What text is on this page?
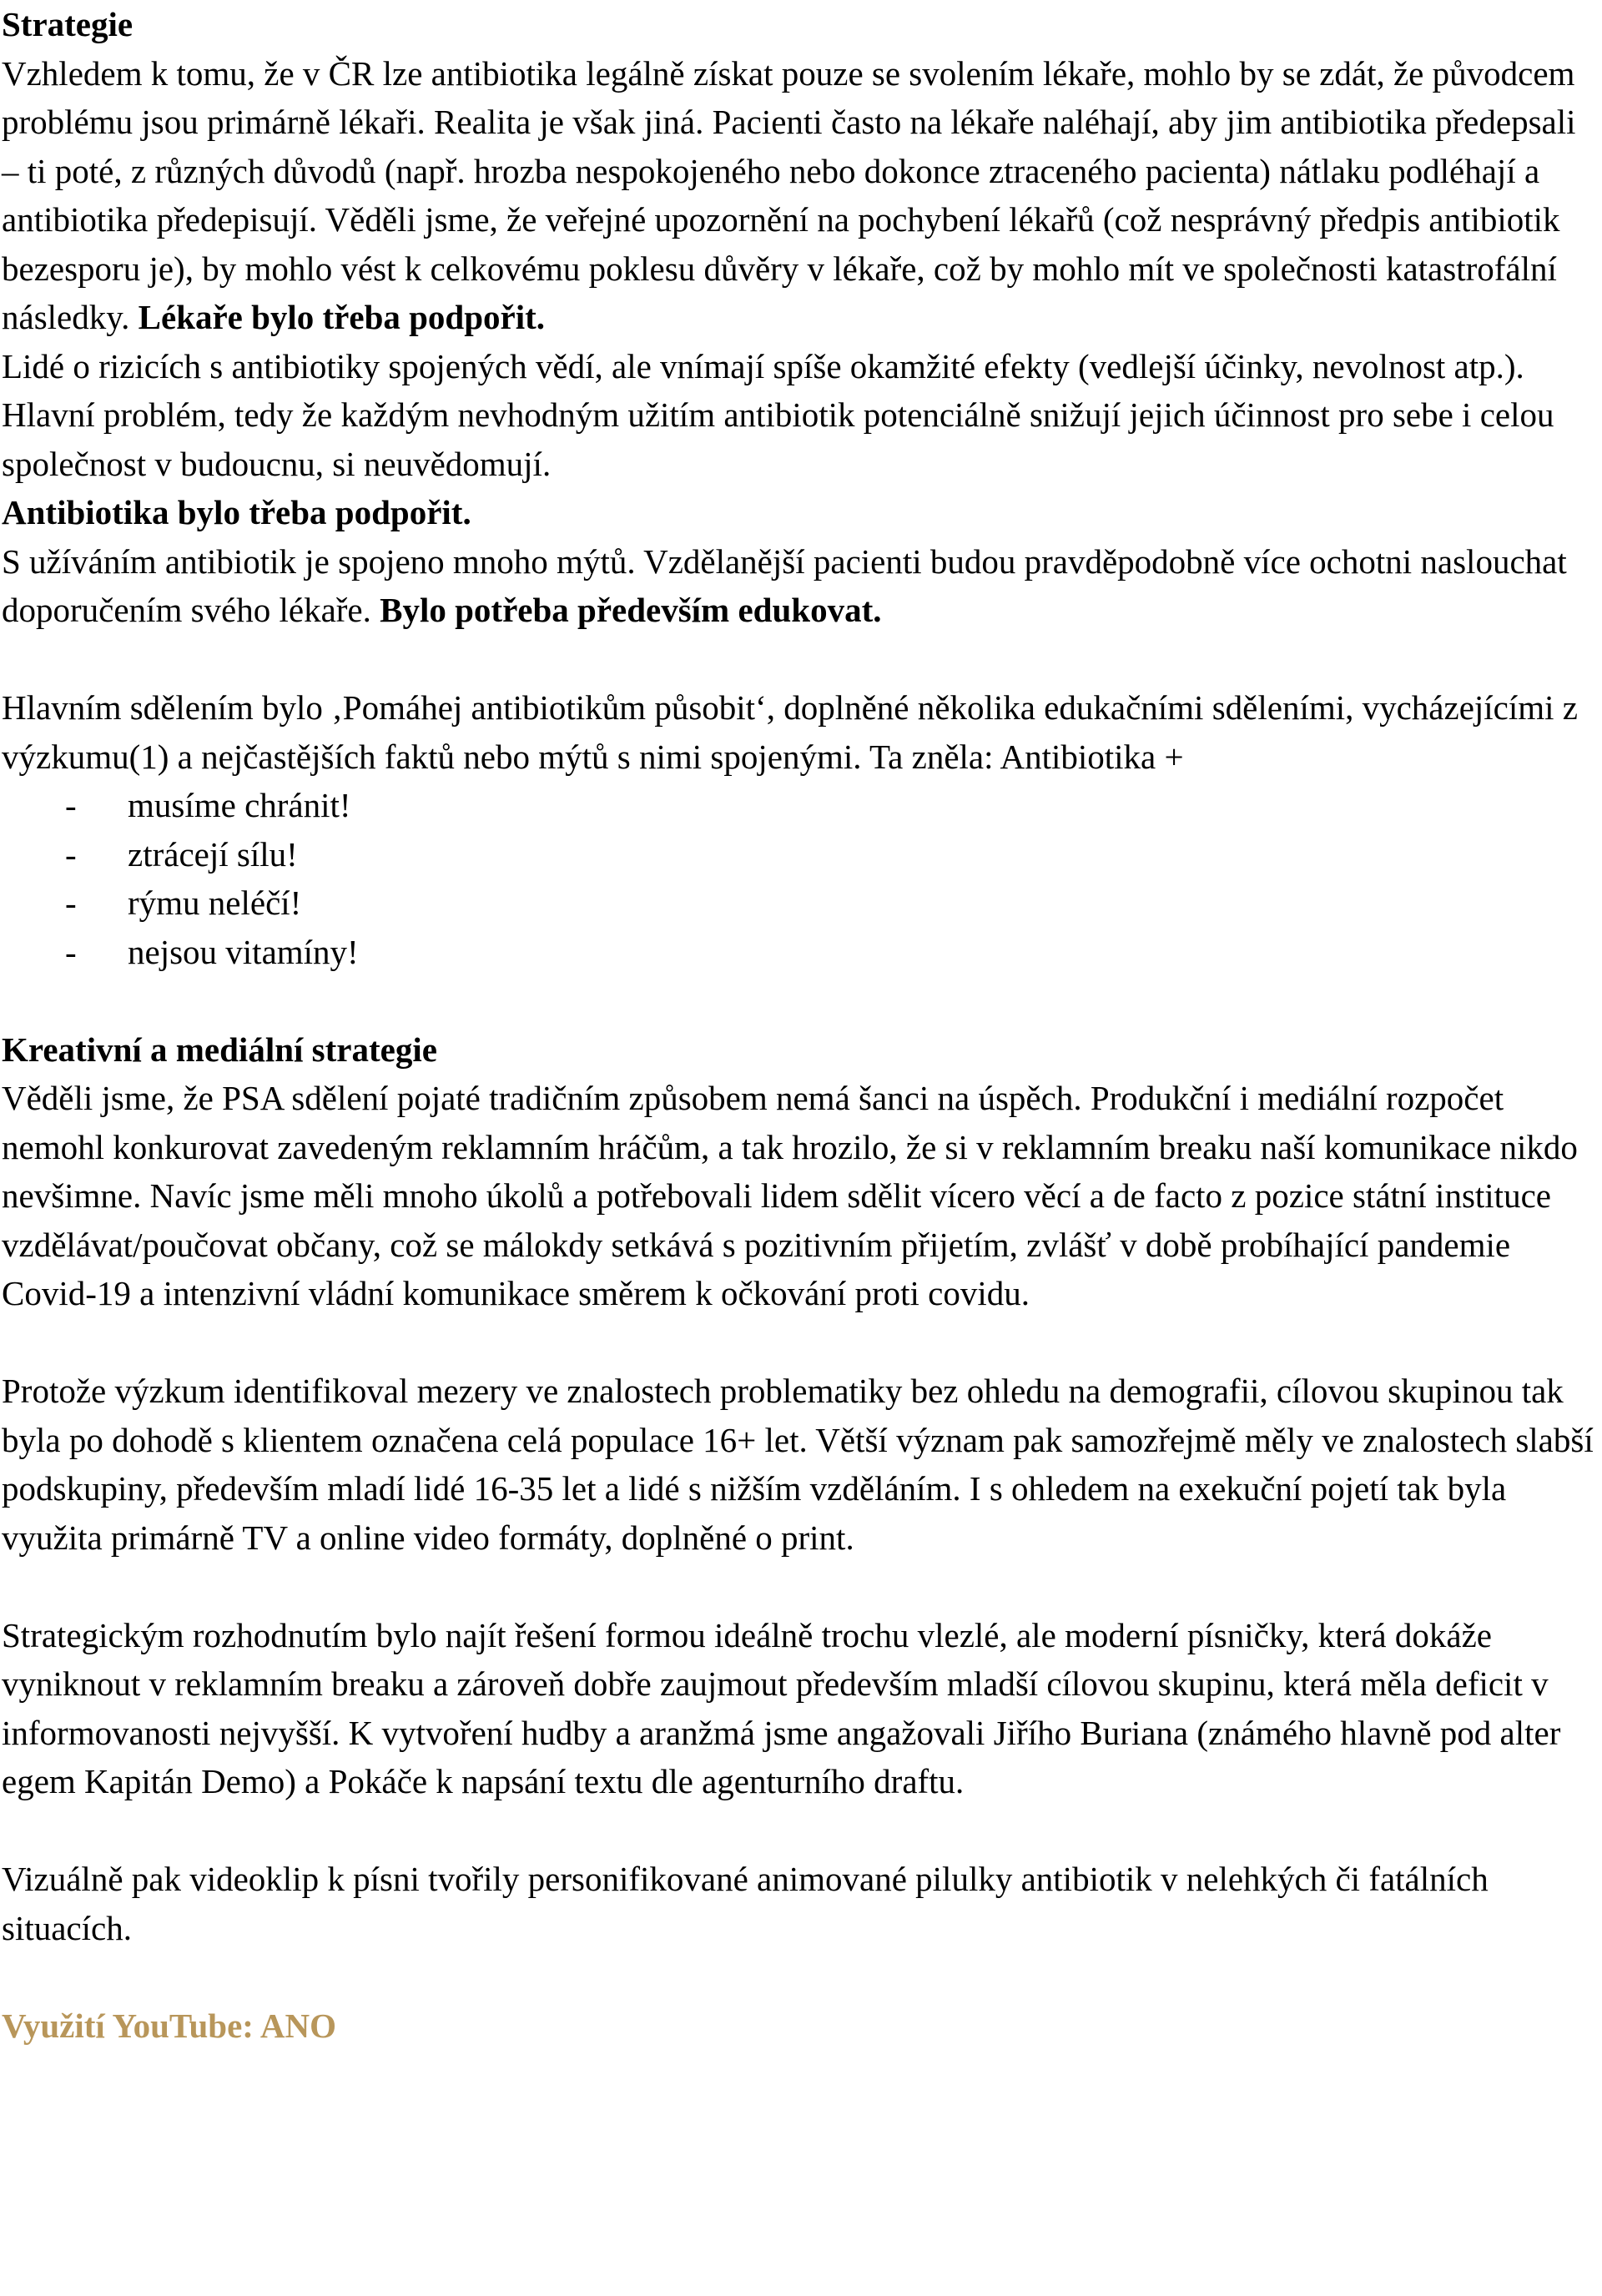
Strategie

Vzhledem k tomu, že v ČR lze antibiotika legálně získat pouze se svolením lékaře, mohlo by se zdát, že původcem problému jsou primárně lékaři. Realita je však jiná. Pacienti často na lékaře naléhají, aby jim antibiotika předepsali – ti poté, z různých důvodů (např. hrozba nespokojeného nebo dokonce ztraceného pacienta) nátlaku podléhají a antibiotika předepisují. Věděli jsme, že veřejné upozornění na pochybení lékařů (což nesprávný předpis antibiotik bezesporu je), by mohlo vést k celkovému poklesu důvěry v lékaře, což by mohlo mít ve společnosti katastrofální následky. Lékaře bylo třeba podpořit.

Lidé o rizicích s antibiotiky spojených vědí, ale vnímají spíše okamžité efekty (vedlejší účinky, nevolnost atp.). Hlavní problém, tedy že každým nevhodným užitím antibiotik potenciálně snižují jejich účinnost pro sebe i celou společnost v budoucnu, si neuvědomují.

Antibiotika bylo třeba podpořit.

S užíváním antibiotik je spojeno mnoho mýtů. Vzdělanější pacienti budou pravděpodobně více ochotni naslouchat doporučením svého lékaře. Bylo potřeba především edukovat.

Hlavním sdělením bylo ‚Pomáhej antibiotikům působit‘, doplněné několika edukačními sděleními, vycházejícími z výzkumu(1) a nejčastějších faktů nebo mýtů s nimi spojenými. Ta zněla: Antibiotika +

- musíme chránit!
- ztrácejí sílu!
- rýmu neléčí!
- nejsou vitamíny!

Kreativní a mediální strategie

Věděli jsme, že PSA sdělení pojaté tradičním způsobem nemá šanci na úspěch. Produkční i mediální rozpočet nemohl konkurovat zavedeným reklamním hráčům, a tak hrozilo, že si v reklamním breaku naší komunikace nikdo nevšimne. Navíc jsme měli mnoho úkolů a potřebovali lidem sdělit vícero věcí a de facto z pozice státní instituce vzdělávat/poučovat občany, což se málokdy setkává s pozitivním přijetím, zvlášť v době probíhající pandemie Covid-19 a intenzivní vládní komunikace směrem k očkování proti covidu.

Protože výzkum identifikoval mezery ve znalostech problematiky bez ohledu na demografii, cílovou skupinou tak byla po dohodě s klientem označena celá populace 16+ let. Větší význam pak samozřejmě měly ve znalostech slabší podskupiny, především mladí lidé 16-35 let a lidé s nižším vzděláním. I s ohledem na exekuční pojetí tak byla využita primárně TV a online video formáty, doplněné o print.

Strategickým rozhodnutím bylo najít řešení formou ideálně trochu vlezlé, ale moderní písničky, která dokáže vyniknout v reklamním breaku a zároveň dobře zaujmout především mladší cílovou skupinu, která měla deficit v informovanosti nejvyšší. K vytvoření hudby a aranžmá jsme angažovali Jiřího Buriana (známého hlavně pod alter egem Kapitán Demo) a Pokáče k napsání textu dle agenturního draftu.

Vizuálně pak videoklip k písni tvořily personifikované animované pilulky antibiotik v nelehkých či fatálních situacích.

Využití YouTube: ANO
